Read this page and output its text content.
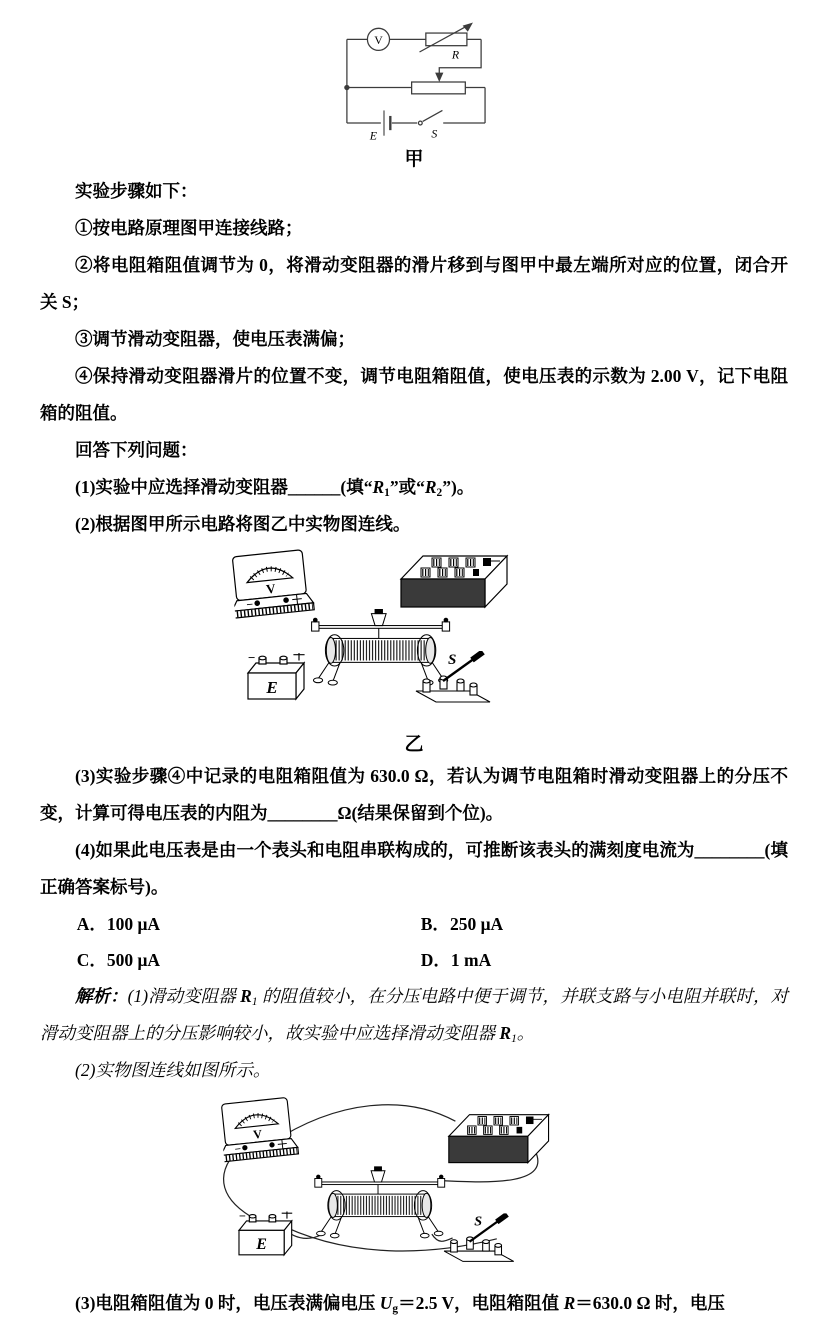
E	S
V
R
甲

实验步骤如下：

①按电路原理图甲连接线路；

②将电阻箱阻值调节为 0，将滑动变阻器的滑片移到与图甲中最左端所对应的位置，闭合开关 S；

③调节滑动变阻器，使电压表满偏；

④保持滑动变阻器滑片的位置不变，调节电阻箱阻值，使电压表的示数为 2.00 V，记下电阻箱的阻值。

回答下列问题：

(1)实验中应选择滑动变阻器______(填“$R_1$”或“$R_2$”)。

(2)根据图甲所示电路将图乙中实物图连线。

乙

(3)实验步骤④中记录的电阻箱阻值为 630.0 Ω，若认为调节电阻箱时滑动变阻器上的分压不变，计算可得电压表的内阻为________Ω(结果保留到个位)。

(4)如果此电压表是由一个表头和电阻串联构成的，可推断该表头的满刻度电流为________(填正确答案标号)。

A．100 μA	B．250 μA
C．500 μA	D．1 mA

解析：(1)滑动变阻器 $R_1$ 的阻值较小，在分压电路中便于调节，并联支路与小电阻并联时，对滑动变阻器上的分压影响较小，故实验中应选择滑动变阻器 $R_1$。

(2)实物图连线如图所示。

(3)电阻箱阻值为 0 时，电压表满偏电压 $U_g=2.5$ V，电阻箱阻值 R＝630.0 Ω 时，电压
